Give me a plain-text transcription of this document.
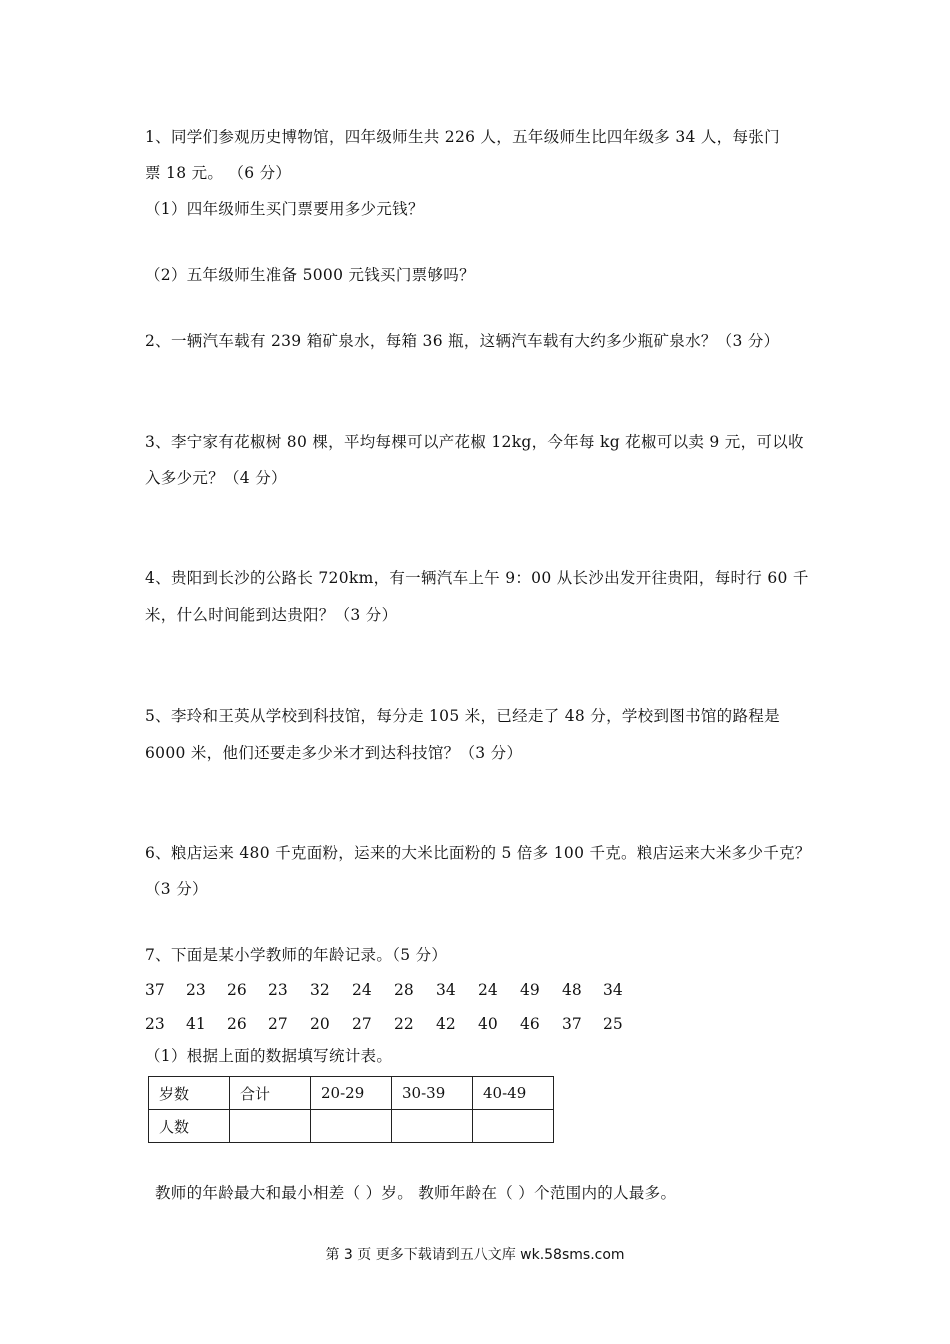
1、同学们参观历史博物馆，四年级师生共 226 人，五年级师生比四年级多 34 人，每张门
票 18 元。 （6 分）
（1）四年级师生买门票要用多少元钱？
（2）五年级师生准备 5000 元钱买门票够吗？
2、一辆汽车载有 239 箱矿泉水，每箱 36 瓶，这辆汽车载有大约多少瓶矿泉水？（3 分）
3、李宁家有花椒树 80 棵，平均每棵可以产花椒 12kg，今年每 kg 花椒可以卖 9 元，可以收
入多少元？（4 分）
4、贵阳到长沙的公路长 720km，有一辆汽车上午 9：00 从长沙出发开往贵阳，每时行 60 千
米，什么时间能到达贵阳？（3 分）
5、李玲和王英从学校到科技馆，每分走 105 米，已经走了 48 分，学校到图书馆的路程是
6000 米，他们还要走多少米才到达科技馆？（3 分）
6、粮店运来 480 千克面粉，运来的大米比面粉的 5 倍多 100 千克。粮店运来大米多少千克？
（3 分）
7、下面是某小学教师的年龄记录。（5 分）
37 23 26 23 32 24 28 34 24 49 48 34
23 41 26 27 20 27 22 42 40 46 37 25
（1）根据上面的数据填写统计表。
岁数	合计	20-29	30-39	40-49
人数				
教师的年龄最大和最小相差（ ）岁。 教师年龄在（ ）个范围内的人最多。
第 3 页 更多下载请到五八文库 wk.58sms.com
